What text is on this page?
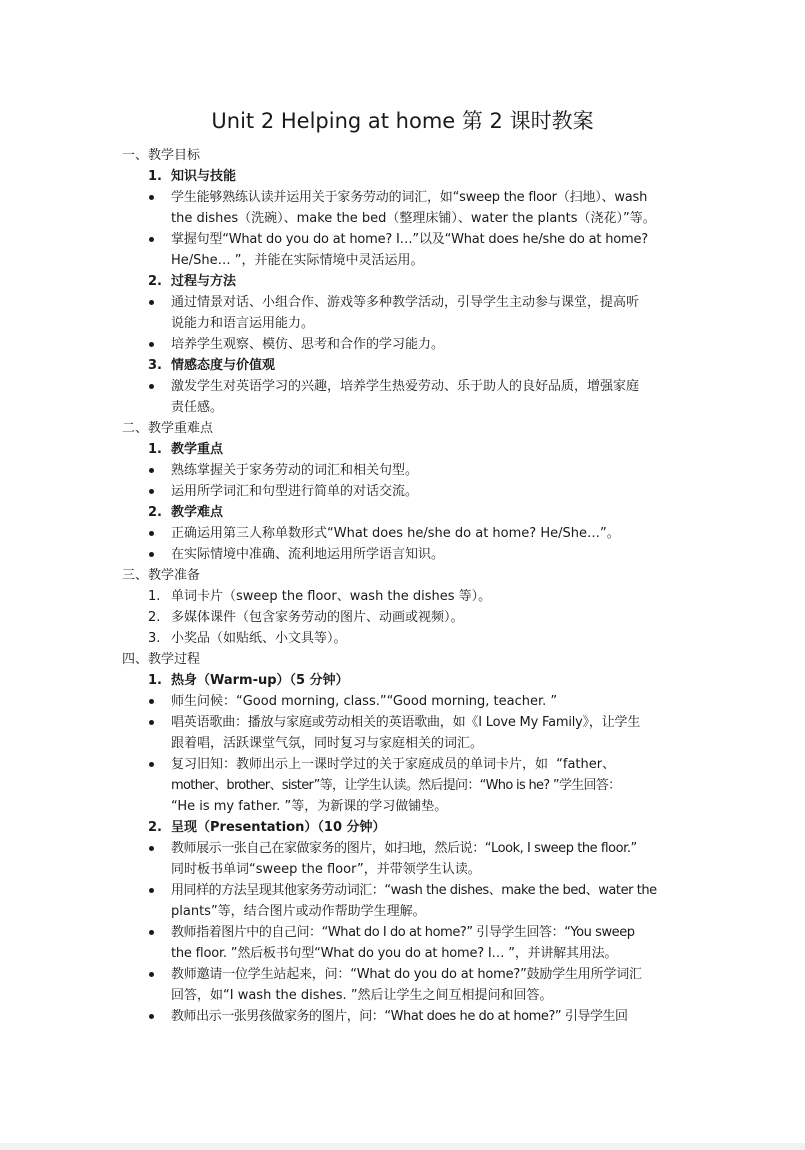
Unit 2 Helping at home 第 2 课时教案
一、教学目标
1. 知识与技能
学生能够熟练认读并运用关于家务劳动的词汇，如“sweep the floor（扫地）、wash
the dishes（洗碗）、make the bed（整理床铺）、water the plants（浇花）”等。
掌握句型“What do you do at home? I…”以及“What does he/she do at home?
He/She… ”，并能在实际情境中灵活运用。
2. 过程与方法
通过情景对话、小组合作、游戏等多种教学活动，引导学生主动参与课堂，提高听
说能力和语言运用能力。
培养学生观察、模仿、思考和合作的学习能力。
3. 情感态度与价值观
激发学生对英语学习的兴趣，培养学生热爱劳动、乐于助人的良好品质，增强家庭
责任感。
二、教学重难点
1. 教学重点
熟练掌握关于家务劳动的词汇和相关句型。
运用所学词汇和句型进行简单的对话交流。
2. 教学难点
正确运用第三人称单数形式“What does he/she do at home? He/She…”。
在实际情境中准确、流利地运用所学语言知识。
三、教学准备
1. 单词卡片（sweep the floor、wash the dishes 等）。
2. 多媒体课件（包含家务劳动的图片、动画或视频）。
3. 小奖品（如贴纸、小文具等）。
四、教学过程
1. 热身（Warm-up）（5 分钟）
师生问候：“Good morning, class.”“Good morning, teacher. ”
唱英语歌曲：播放与家庭或劳动相关的英语歌曲，如《I Love My Family》，让学生
跟着唱，活跃课堂气氛，同时复习与家庭相关的词汇。
复习旧知：教师出示上一课时学过的关于家庭成员的单词卡片，如 “father、
mother、brother、sister”等，让学生认读。然后提问：“Who is he? ”学生回答：
“He is my father. ”等，为新课的学习做铺垫。
2. 呈现（Presentation）（10 分钟）
教师展示一张自己在家做家务的图片，如扫地，然后说：“Look, I sweep the floor.”
同时板书单词“sweep the floor”，并带领学生认读。
用同样的方法呈现其他家务劳动词汇：“wash the dishes、make the bed、water the
plants”等，结合图片或动作帮助学生理解。
教师指着图片中的自己问：“What do I do at home?” 引导学生回答：“You sweep
the floor. ”然后板书句型“What do you do at home? I… ”，并讲解其用法。
教师邀请一位学生站起来，问：“What do you do at home?”鼓励学生用所学词汇
回答，如“I wash the dishes. ”然后让学生之间互相提问和回答。
教师出示一张男孩做家务的图片，问：“What does he do at home?” 引导学生回
